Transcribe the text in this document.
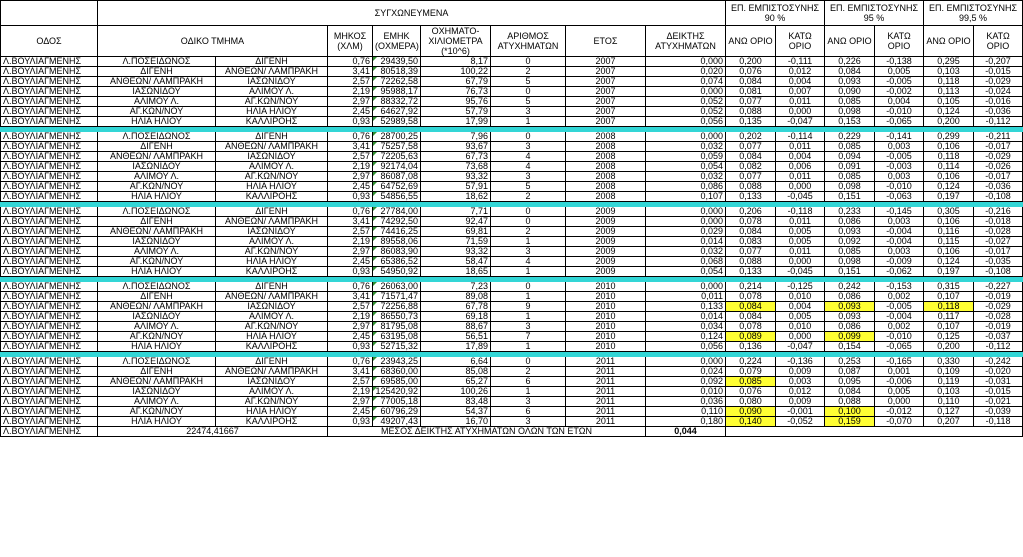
	ΣΥΓΧΩΝΕΥΜΕΝΑ								ΕΠ. ΕΜΠΙΣΤΟΣΥΝΗΣ 90 %		ΕΠ. ΕΜΠΙΣΤΟΣΥΝΗΣ 95 %		ΕΠ. ΕΜΠΙΣΤΟΣΥΝΗΣ 99,5 %	
ΟΔΟΣ	ΟΔΙΚΟ ΤΜΗΜΑ		ΜΗΚΟΣ (ΧΛΜ)	ΕΜΗΚ (ΟΧΜΕΡΑ)	ΟΧΗΜΑΤΟ-ΧΙΛΙΟΜΕΤΡΑ (*10^6)	ΑΡΙΘΜΟΣ ΑΤΥΧΗΜΑΤΩΝ	ΕΤΟΣ	ΔΕΙΚΤΗΣ ΑΤΥΧΗΜΑΤΩΝ	ΑΝΩ ΟΡΙΟ	ΚΑΤΩ ΟΡΙΟ	ΑΝΩ ΟΡΙΟ	ΚΑΤΩ ΟΡΙΟ	ΑΝΩ ΟΡΙΟ	ΚΑΤΩ ΟΡΙΟ
Λ.ΒΟΥΛΙΑΓΜΕΝΗΣ	Λ.ΠΟΣΕΙΔΩΝΟΣ	ΔΙΓΕΝΗ	0,76	29439,50	8,17	0	2007	0,000	0,200	-0,111	0,226	-0,138	0,295	-0,207
Λ.ΒΟΥΛΙΑΓΜΕΝΗΣ	ΔΙΓΕΝΗ	ΑΝΘΕΩΝ/ ΛΑΜΠΡΑΚΗ	3,41	80518,39	100,22	2	2007	0,020	0,076	0,012	0,084	0,005	0,103	-0,015
Λ.ΒΟΥΛΙΑΓΜΕΝΗΣ	ΑΝΘΕΩΝ/ ΛΑΜΠΡΑΚΗ	ΙΑΣΩΝΙΔΟΥ	2,57	72262,58	67,79	5	2007	0,074	0,084	0,004	0,093	-0,005	0,118	-0,029
Λ.ΒΟΥΛΙΑΓΜΕΝΗΣ	ΙΑΣΩΝΙΔΟΥ	ΑΛΙΜΟΥ Λ.	2,19	95988,17	76,73	0	2007	0,000	0,081	0,007	0,090	-0,002	0,113	-0,024
Λ.ΒΟΥΛΙΑΓΜΕΝΗΣ	ΑΛΙΜΟΥ Λ.	ΑΓ.ΚΩΝ/ΝΟΥ	2,97	88332,72	95,76	5	2007	0,052	0,077	0,011	0,085	0,004	0,105	-0,016
Λ.ΒΟΥΛΙΑΓΜΕΝΗΣ	ΑΓ.ΚΩΝ/ΝΟΥ	ΗΛΙΑ ΗΛΙΟΥ	2,45	64627,92	57,79	3	2007	0,052	0,088	0,000	0,098	-0,010	0,124	-0,036
Λ.ΒΟΥΛΙΑΓΜΕΝΗΣ	ΗΛΙΑ ΗΛΙΟΥ	ΚΑΛΛΙΡΟΗΣ	0,93	52989,58	17,99	1	2007	0,056	0,135	-0,047	0,153	-0,065	0,200	-0,112

Λ.ΒΟΥΛΙΑΓΜΕΝΗΣ	Λ.ΠΟΣΕΙΔΩΝΟΣ	ΔΙΓΕΝΗ	0,76	28700,25	7,96	0	2008	0,000	0,202	-0,114	0,229	-0,141	0,299	-0,211
Λ.ΒΟΥΛΙΑΓΜΕΝΗΣ	ΔΙΓΕΝΗ	ΑΝΘΕΩΝ/ ΛΑΜΠΡΑΚΗ	3,41	75257,58	93,67	3	2008	0,032	0,077	0,011	0,085	0,003	0,106	-0,017
Λ.ΒΟΥΛΙΑΓΜΕΝΗΣ	ΑΝΘΕΩΝ/ ΛΑΜΠΡΑΚΗ	ΙΑΣΩΝΙΔΟΥ	2,57	72205,63	67,73	4	2008	0,059	0,084	0,004	0,094	-0,005	0,118	-0,029
Λ.ΒΟΥΛΙΑΓΜΕΝΗΣ	ΙΑΣΩΝΙΔΟΥ	ΑΛΙΜΟΥ Λ.	2,19	92174,04	73,68	4	2008	0,054	0,082	0,006	0,091	-0,003	0,114	-0,026
Λ.ΒΟΥΛΙΑΓΜΕΝΗΣ	ΑΛΙΜΟΥ Λ.	ΑΓ.ΚΩΝ/ΝΟΥ	2,97	86087,08	93,32	3	2008	0,032	0,077	0,011	0,085	0,003	0,106	-0,017
Λ.ΒΟΥΛΙΑΓΜΕΝΗΣ	ΑΓ.ΚΩΝ/ΝΟΥ	ΗΛΙΑ ΗΛΙΟΥ	2,45	64752,69	57,91	5	2008	0,086	0,088	0,000	0,098	-0,010	0,124	-0,036
Λ.ΒΟΥΛΙΑΓΜΕΝΗΣ	ΗΛΙΑ ΗΛΙΟΥ	ΚΑΛΛΙΡΟΗΣ	0,93	54856,55	18,62	2	2008	0,107	0,133	-0,045	0,151	-0,063	0,197	-0,108

Λ.ΒΟΥΛΙΑΓΜΕΝΗΣ	Λ.ΠΟΣΕΙΔΩΝΟΣ	ΔΙΓΕΝΗ	0,76	27784,00	7,71	0	2009	0,000	0,206	-0,118	0,233	-0,145	0,305	-0,216
Λ.ΒΟΥΛΙΑΓΜΕΝΗΣ	ΔΙΓΕΝΗ	ΑΝΘΕΩΝ/ ΛΑΜΠΡΑΚΗ	3,41	74292,50	92,47	0	2009	0,000	0,078	0,011	0,086	0,003	0,106	-0,018
Λ.ΒΟΥΛΙΑΓΜΕΝΗΣ	ΑΝΘΕΩΝ/ ΛΑΜΠΡΑΚΗ	ΙΑΣΩΝΙΔΟΥ	2,57	74416,25	69,81	2	2009	0,029	0,084	0,005	0,093	-0,004	0,116	-0,028
Λ.ΒΟΥΛΙΑΓΜΕΝΗΣ	ΙΑΣΩΝΙΔΟΥ	ΑΛΙΜΟΥ Λ.	2,19	89558,06	71,59	1	2009	0,014	0,083	0,005	0,092	-0,004	0,115	-0,027
Λ.ΒΟΥΛΙΑΓΜΕΝΗΣ	ΑΛΙΜΟΥ Λ.	ΑΓ.ΚΩΝ/ΝΟΥ	2,97	86083,90	93,32	3	2009	0,032	0,077	0,011	0,085	0,003	0,106	-0,017
Λ.ΒΟΥΛΙΑΓΜΕΝΗΣ	ΑΓ.ΚΩΝ/ΝΟΥ	ΗΛΙΑ ΗΛΙΟΥ	2,45	65386,52	58,47	4	2009	0,068	0,088	0,000	0,098	-0,009	0,124	-0,035
Λ.ΒΟΥΛΙΑΓΜΕΝΗΣ	ΗΛΙΑ ΗΛΙΟΥ	ΚΑΛΛΙΡΟΗΣ	0,93	54950,92	18,65	1	2009	0,054	0,133	-0,045	0,151	-0,062	0,197	-0,108

Λ.ΒΟΥΛΙΑΓΜΕΝΗΣ	Λ.ΠΟΣΕΙΔΩΝΟΣ	ΔΙΓΕΝΗ	0,76	26063,00	7,23	0	2010	0,000	0,214	-0,125	0,242	-0,153	0,315	-0,227
Λ.ΒΟΥΛΙΑΓΜΕΝΗΣ	ΔΙΓΕΝΗ	ΑΝΘΕΩΝ/ ΛΑΜΠΡΑΚΗ	3,41	71571,47	89,08	1	2010	0,011	0,078	0,010	0,086	0,002	0,107	-0,019
Λ.ΒΟΥΛΙΑΓΜΕΝΗΣ	ΑΝΘΕΩΝ/ ΛΑΜΠΡΑΚΗ	ΙΑΣΩΝΙΔΟΥ	2,57	72256,88	67,78	9	2010	0,133	0,084	0,004	0,093	-0,005	0,118	-0,029
Λ.ΒΟΥΛΙΑΓΜΕΝΗΣ	ΙΑΣΩΝΙΔΟΥ	ΑΛΙΜΟΥ Λ.	2,19	86550,73	69,18	1	2010	0,014	0,084	0,005	0,093	-0,004	0,117	-0,028
Λ.ΒΟΥΛΙΑΓΜΕΝΗΣ	ΑΛΙΜΟΥ Λ.	ΑΓ.ΚΩΝ/ΝΟΥ	2,97	81795,08	88,67	3	2010	0,034	0,078	0,010	0,086	0,002	0,107	-0,019
Λ.ΒΟΥΛΙΑΓΜΕΝΗΣ	ΑΓ.ΚΩΝ/ΝΟΥ	ΗΛΙΑ ΗΛΙΟΥ	2,45	63195,08	56,51	7	2010	0,124	0,089	0,000	0,099	-0,010	0,125	-0,037
Λ.ΒΟΥΛΙΑΓΜΕΝΗΣ	ΗΛΙΑ ΗΛΙΟΥ	ΚΑΛΛΙΡΟΗΣ	0,93	52715,32	17,89	1	2010	0,056	0,136	-0,047	0,154	-0,065	0,200	-0,112

Λ.ΒΟΥΛΙΑΓΜΕΝΗΣ	Λ.ΠΟΣΕΙΔΩΝΟΣ	ΔΙΓΕΝΗ	0,76	23943,25	6,64	0	2011	0,000	0,224	-0,136	0,253	-0,165	0,330	-0,242
Λ.ΒΟΥΛΙΑΓΜΕΝΗΣ	ΔΙΓΕΝΗ	ΑΝΘΕΩΝ/ ΛΑΜΠΡΑΚΗ	3,41	68360,00	85,08	2	2011	0,024	0,079	0,009	0,087	0,001	0,109	-0,020
Λ.ΒΟΥΛΙΑΓΜΕΝΗΣ	ΑΝΘΕΩΝ/ ΛΑΜΠΡΑΚΗ	ΙΑΣΩΝΙΔΟΥ	2,57	69585,00	65,27	6	2011	0,092	0,085	0,003	0,095	-0,006	0,119	-0,031
Λ.ΒΟΥΛΙΑΓΜΕΝΗΣ	ΙΑΣΩΝΙΔΟΥ	ΑΛΙΜΟΥ Λ.	2,19	125420,92	100,26	1	2011	0,010	0,076	0,012	0,084	0,005	0,103	-0,015
Λ.ΒΟΥΛΙΑΓΜΕΝΗΣ	ΑΛΙΜΟΥ Λ.	ΑΓ.ΚΩΝ/ΝΟΥ	2,97	77005,18	83,48	3	2011	0,036	0,080	0,009	0,088	0,000	0,110	-0,021
Λ.ΒΟΥΛΙΑΓΜΕΝΗΣ	ΑΓ.ΚΩΝ/ΝΟΥ	ΗΛΙΑ ΗΛΙΟΥ	2,45	60796,29	54,37	6	2011	0,110	0,090	-0,001	0,100	-0,012	0,127	-0,039
Λ.ΒΟΥΛΙΑΓΜΕΝΗΣ	ΗΛΙΑ ΗΛΙΟΥ	ΚΑΛΛΙΡΟΗΣ	0,93	49207,43	16,70	3	2011	0,180	0,140	-0,052	0,159	-0,070	0,207	-0,118
Λ.ΒΟΥΛΙΑΓΜΕΝΗΣ	22474,41667		ΜΕΣΟΣ ΔΕΙΚΤΗΣ ΑΤΥΧΗΜΑΤΩΝ ΟΛΩΝ ΤΩΝ ΕΤΩΝ					0,044						
